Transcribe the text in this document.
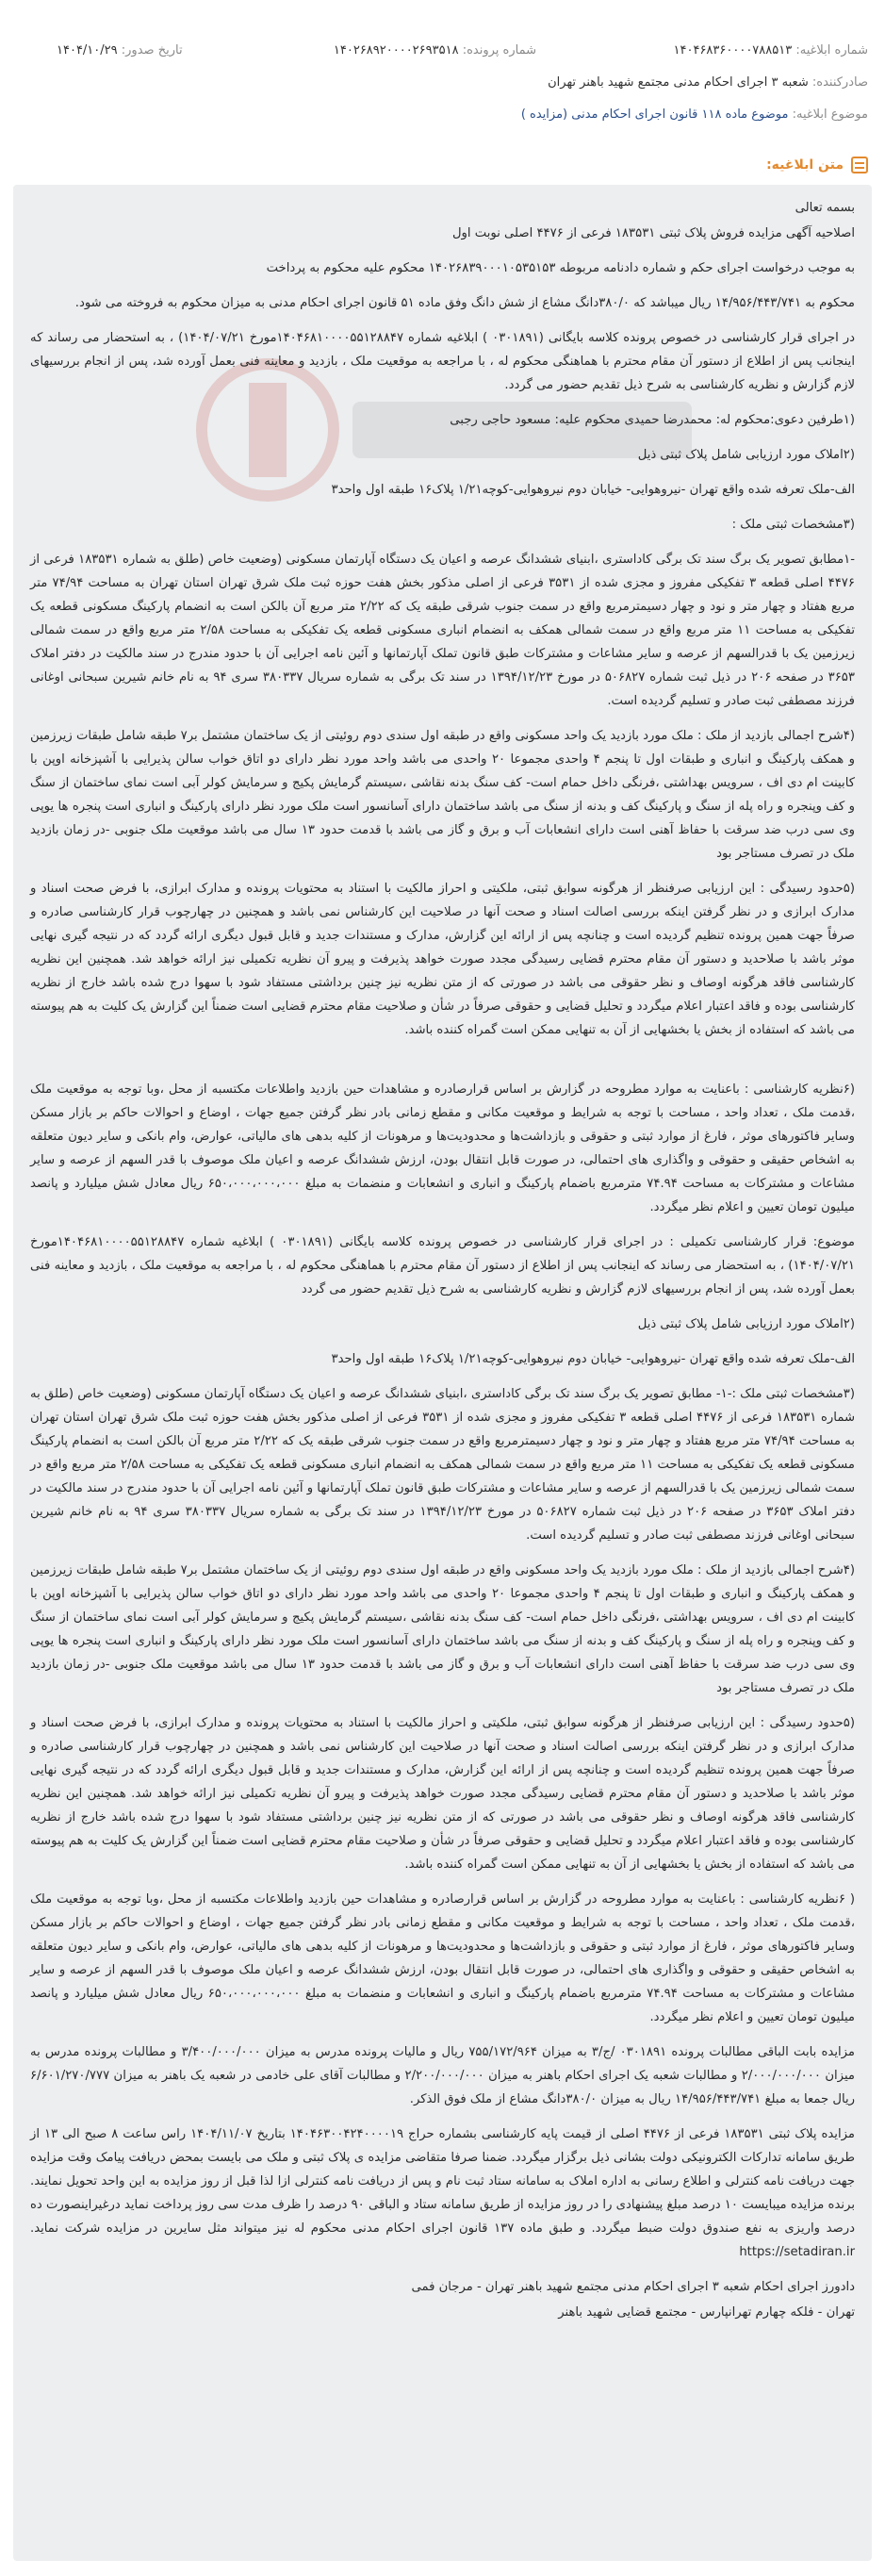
شماره ابلاغیه: ۱۴۰۴۶۸۳۶۰۰۰۰۷۸۸۵۱۳
شماره پرونده: ۱۴۰۲۶۸۹۲۰۰۰۰۲۶۹۳۵۱۸
تاریخ صدور: ۱۴۰۴/۱۰/۲۹
صادرکننده: شعبه ۳ اجرای احکام مدنی مجتمع شهید باهنر تهران
موضوع ابلاغیه: موضوع ماده ۱۱۸ قانون اجرای احکام مدنی (مزایده )
متن ابلاغیه:

بسمه تعالی

اصلاحیه آگهی مزایده فروش پلاک ثبتی ۱۸۳۵۳۱ فرعی از ۴۴۷۶ اصلی نوبت اول

به موجب درخواست اجرای حکم و شماره دادنامه مربوطه ۱۴۰۲۶۸۳۹۰۰۰۱۰۵۳۵۱۵۳ محکوم علیه محکوم به پرداخت

محکوم به ۱۴/۹۵۶/۴۴۳/۷۴۱ ریال میباشد که ۳۸۰/۰دانگ مشاع از شش دانگ وفق ماده ۵۱ قانون اجرای احکام مدنی به میزان محکوم به فروخته می شود.

در اجرای قرار کارشناسی در خصوص پرونده کلاسه بایگانی (۰۳۰۱۸۹۱ ) ابلاغیه شماره ۱۴۰۴۶۸۱۰۰۰۰۵۵۱۲۸۸۴۷مورخ ۱۴۰۴/۰۷/۲۱) ، به استحضار می رساند که اینجانب پس از اطلاع از دستور آن مقام محترم با هماهنگی محکوم له ، با مراجعه به موقعیت ملک ، بازدید و معاینه فنی بعمل آورده شد، پس از انجام بررسیهای لازم گزارش و نظریه کارشناسی به شرح ذیل تقدیم حضور می گردد.

(۱طرفین دعوی:محکوم له: محمدرضا حمیدی محکوم علیه: مسعود حاجی رجبی

(۲املاک مورد ارزیابی شامل پلاک ثبتی ذیل

الف-ملک تعرفه شده واقع تهران -نیروهوایی- خیابان دوم نیروهوایی-کوچه۱/۲۱ پلاک۱۶ طبقه اول واحد۳

(۳مشخصات ثبتی ملک :

-۱مطابق تصویر یک برگ سند تک برگی کاداستری ،ابنیای ششدانگ عرصه و اعیان یک دستگاه آپارتمان مسکونی (وضعیت خاص (طلق به شماره ۱۸۳۵۳۱ فرعی از ۴۴۷۶ اصلی قطعه ۳ تفکیکی مفروز و مجزی شده از ۳۵۳۱ فرعی از اصلی مذکور بخش هفت حوزه ثبت ملک شرق تهران استان تهران به مساحت ۷۴/۹۴ متر مربع هفتاد و چهار متر و نود و چهار دسیمترمربع واقع در سمت جنوب شرقی طبقه یک که ۲/۲۲ متر مربع آن بالکن است به انضمام پارکینگ مسکونی قطعه یک تفکیکی به مساحت ۱۱ متر مربع واقع در سمت شمالی همکف به انضمام انباری مسکونی قطعه یک تفکیکی به مساحت ۲/۵۸ متر مربع واقع در سمت شمالی زیرزمین یک با قدرالسهم از عرصه و سایر مشاعات و مشترکات طبق قانون تملک آپارتمانها و آئین نامه اجرایی آن با حدود مندرج در سند مالکیت در دفتر املاک ۳۶۵۳ در صفحه ۲۰۶ در ذیل ثبت شماره ۵۰۶۸۲۷ در مورخ ۱۳۹۴/۱۲/۲۳ در سند تک برگی به شماره سریال ۳۸۰۳۳۷ سری ۹۴ به نام خانم شیرین سبحانی اوغانی فرزند مصطفی ثبت صادر و تسلیم گردیده است.

(۴شرح اجمالی بازدید از ملک : ملک مورد بازدید یک واحد مسکونی واقع در طبقه اول سندی دوم روئیتی از یک ساختمان مشتمل بر۷ طبقه شامل طبقات زیرزمین و همکف پارکینگ و انباری و طبقات اول تا پنجم ۴ واحدی مجموعا ۲۰ واحدی می باشد واحد مورد نظر دارای دو اتاق خواب سالن پذیرایی با آشپزخانه اوپن با کابینت ام دی اف ، سرویس بهداشتی ،فرنگی داخل حمام است- کف سنگ بدنه نقاشی ،سیستم گرمایش پکیج و سرمایش کولر آبی است نمای ساختمان از سنگ و کف وپنجره و راه پله از سنگ و پارکینگ کف و بدنه از سنگ می باشد ساختمان دارای آسانسور است ملک مورد نظر دارای پارکینگ و انباری است پنجره ها یوپی وی سی درب ضد سرقت با حفاظ آهنی است دارای انشعابات آب و برق و گاز می باشد با قدمت حدود ۱۳ سال می باشد موقعیت ملک جنوبی -در زمان بازدید ملک در تصرف مستاجر بود

(۵حدود رسیدگی : این ارزیابی صرفنظر از هرگونه سوابق ثبتی، ملکیتی و احراز مالکیت با استناد به محتویات پرونده و مدارک ابرازی، با فرض صحت اسناد و مدارک ابرازی و در نظر گرفتن اینکه بررسی اصالت اسناد و صحت آنها در صلاحیت این کارشناس نمی باشد و همچنین در چهارچوب قرار کارشناسی صادره و صرفاً جهت همین پرونده تنظیم گردیده است و چنانچه پس از ارائه این گزارش، مدارک و مستندات جدید و قابل قبول دیگری ارائه گردد که در نتیجه گیری نهایی موثر باشد با صلاحدید و دستور آن مقام محترم قضایی رسیدگی مجدد صورت خواهد پذیرفت و پیرو آن نظریه تکمیلی نیز ارائه خواهد شد. همچنین این نظریه کارشناسی فاقد هرگونه اوصاف و نظر حقوقی می باشد در صورتی که از متن نظریه نیز چنین برداشتی مستفاد شود با سهوا درج شده باشد خارج از نظریه کارشناسی بوده و فاقد اعتبار اعلام میگردد و تحلیل قضایی و حقوقی صرفاً در شأن و صلاحیت مقام محترم قضایی است ضمناً این گزارش یک کلیت به هم پیوسته می باشد که استفاده از بخش یا بخشهایی از آن به تنهایی ممکن است گمراه کننده باشد.

(۶نظریه کارشناسی : باعنایت به موارد مطروحه در گزارش بر اساس قرارصادره و مشاهدات حین بازدید واطلاعات مکتسبه از محل ،وبا توجه به موقعیت ملک ،قدمت ملک ، تعداد واحد ، مساحت با توجه به شرایط و موقعیت مکانی و مقطع زمانی بادر نظر گرفتن جمیع جهات ، اوضاع و احوالات حاکم بر بازار مسکن وسایر فاکتورهای موثر ، فارغ از موارد ثبتی و حقوقی و بازداشت‌ها و محدودیت‌ها و مرهونات از کلیه بدهی های مالیاتی، عوارض، وام بانکی و سایر دیون متعلقه به اشخاص حقیقی و حقوقی و واگذاری های احتمالی، در صورت قابل انتقال بودن، ارزش ششدانگ عرصه و اعیان ملک موصوف با قدر السهم از عرصه و سایر مشاعات و مشترکات به مساحت ۷۴.۹۴ مترمربع باضمام پارکینگ و انباری و انشعابات و منضمات به مبلغ ۶۵۰،۰۰۰،۰۰۰،۰۰۰ ریال معادل شش میلیارد و پانصد میلیون تومان تعیین و اعلام نظر میگردد.

موضوع: قرار کارشناسی تکمیلی : در اجرای قرار کارشناسی در خصوص پرونده کلاسه بایگانی (۰۳۰۱۸۹۱ ) ابلاغیه شماره ۱۴۰۴۶۸۱۰۰۰۰۵۵۱۲۸۸۴۷مورخ ۱۴۰۴/۰۷/۲۱) ، به استحضار می رساند که اینجانب پس از اطلاع از دستور آن مقام محترم با هماهنگی محکوم له ، با مراجعه به موقعیت ملک ، بازدید و معاینه فنی بعمل آورده شد، پس از انجام بررسیهای لازم گزارش و نظریه کارشناسی به شرح ذیل تقدیم حضور می گردد

(۲املاک مورد ارزیابی شامل پلاک ثبتی ذیل

الف-ملک تعرفه شده واقع تهران -نیروهوایی- خیابان دوم نیروهوایی-کوچه۱/۲۱ پلاک۱۶ طبقه اول واحد۳

(۳مشخصات ثبتی ملک :-۱- مطابق تصویر یک برگ سند تک برگی کاداستری ،ابنیای ششدانگ عرصه و اعیان یک دستگاه آپارتمان مسکونی (وضعیت خاص (طلق به شماره ۱۸۳۵۳۱ فرعی از ۴۴۷۶ اصلی قطعه ۳ تفکیکی مفروز و مجزی شده از ۳۵۳۱ فرعی از اصلی مذکور بخش هفت حوزه ثبت ملک شرق تهران استان تهران به مساحت ۷۴/۹۴ متر مربع هفتاد و چهار متر و نود و چهار دسیمترمربع واقع در سمت جنوب شرقی طبقه یک که ۲/۲۲ متر مربع آن بالکن است به انضمام پارکینگ مسکونی قطعه یک تفکیکی به مساحت ۱۱ متر مربع واقع در سمت شمالی همکف به انضمام انباری مسکونی قطعه یک تفکیکی به مساحت ۲/۵۸ متر مربع واقع در سمت شمالی زیرزمین یک با قدرالسهم از عرصه و سایر مشاعات و مشترکات طبق قانون تملک آپارتمانها و آئین نامه اجرایی آن با حدود مندرج در سند مالکیت در دفتر املاک ۳۶۵۳ در صفحه ۲۰۶ در ذیل ثبت شماره ۵۰۶۸۲۷ در مورخ ۱۳۹۴/۱۲/۲۳ در سند تک برگی به شماره سریال ۳۸۰۳۳۷ سری ۹۴ به نام خانم شیرین سبحانی اوغانی فرزند مصطفی ثبت صادر و تسلیم گردیده است.

(۴شرح اجمالی بازدید از ملک : ملک مورد بازدید یک واحد مسکونی واقع در طبقه اول سندی دوم روئیتی از یک ساختمان مشتمل بر۷ طبقه شامل طبقات زیرزمین و همکف پارکینگ و انباری و طبقات اول تا پنجم ۴ واحدی مجموعا ۲۰ واحدی می باشد واحد مورد نظر دارای دو اتاق خواب سالن پذیرایی با آشپزخانه اوپن با کابینت ام دی اف ، سرویس بهداشتی ،فرنگی داخل حمام است- کف سنگ بدنه نقاشی ،سیستم گرمایش پکیج و سرمایش کولر آبی است نمای ساختمان از سنگ و کف وپنجره و راه پله از سنگ و پارکینگ کف و بدنه از سنگ می باشد ساختمان دارای آسانسور است ملک مورد نظر دارای پارکینگ و انباری است پنجره ها یوپی وی سی درب ضد سرقت با حفاظ آهنی است دارای انشعابات آب و برق و گاز می باشد با قدمت حدود ۱۳ سال می باشد موقعیت ملک جنوبی -در زمان بازدید ملک در تصرف مستاجر بود

(۵حدود رسیدگی : این ارزیابی صرفنظر از هرگونه سوابق ثبتی، ملکیتی و احراز مالکیت با استناد به محتویات پرونده و مدارک ابرازی، با فرض صحت اسناد و مدارک ابرازی و در نظر گرفتن اینکه بررسی اصالت اسناد و صحت آنها در صلاحیت این کارشناس نمی باشد و همچنین در چهارچوب قرار کارشناسی صادره و صرفاً جهت همین پرونده تنظیم گردیده است و چنانچه پس از ارائه این گزارش، مدارک و مستندات جدید و قابل قبول دیگری ارائه گردد که در نتیجه گیری نهایی موثر باشد با صلاحدید و دستور آن مقام محترم قضایی رسیدگی مجدد صورت خواهد پذیرفت و پیرو آن نظریه تکمیلی نیز ارائه خواهد شد. همچنین این نظریه کارشناسی فاقد هرگونه اوصاف و نظر حقوقی می باشد در صورتی که از متن نظریه نیز چنین برداشتی مستفاد شود با سهوا درج شده باشد خارج از نظریه کارشناسی بوده و فاقد اعتبار اعلام میگردد و تحلیل قضایی و حقوقی صرفاً در شأن و صلاحیت مقام محترم قضایی است ضمناً این گزارش یک کلیت به هم پیوسته می باشد که استفاده از بخش یا بخشهایی از آن به تنهایی ممکن است گمراه کننده باشد.

( ۶نظریه کارشناسی : باعنایت به موارد مطروحه در گزارش بر اساس قرارصادره و مشاهدات حین بازدید واطلاعات مکتسبه از محل ،وبا توجه به موقعیت ملک ،قدمت ملک ، تعداد واحد ، مساحت با توجه به شرایط و موقعیت مکانی و مقطع زمانی بادر نظر گرفتن جمیع جهات ، اوضاع و احوالات حاکم بر بازار مسکن وسایر فاکتورهای موثر ، فارغ از موارد ثبتی و حقوقی و بازداشت‌ها و محدودیت‌ها و مرهونات از کلیه بدهی های مالیاتی، عوارض، وام بانکی و سایر دیون متعلقه به اشخاص حقیقی و حقوقی و واگذاری های احتمالی، در صورت قابل انتقال بودن، ارزش ششدانگ عرصه و اعیان ملک موصوف با قدر السهم از عرصه و سایر مشاعات و مشترکات به مساحت ۷۴.۹۴ مترمربع باضمام پارکینگ و انباری و انشعابات و منضمات به مبلغ ۶۵۰،۰۰۰،۰۰۰،۰۰۰ ریال معادل شش میلیارد و پانصد میلیون تومان تعیین و اعلام نظر میگردد.

مزایده بابت الباقی مطالبات پرونده ۰۳۰۱۸۹۱ /ج/۳ به میزان ۷۵۵/۱۷۲/۹۶۴ ریال و مالیات پرونده مدرس به میزان ۳/۴۰۰/۰۰۰/۰۰۰ و مطالبات پرونده مدرس به میزان ۲/۰۰۰/۰۰۰/۰۰۰ و مطالبات شعبه یک اجرای احکام باهنر به میزان ۲/۲۰۰/۰۰۰/۰۰۰ و مطالبات آقای علی خادمی در شعبه یک باهنر به میزان ۶/۶۰۱/۲۷۰/۷۷۷ ریال جمعا به مبلغ ۱۴/۹۵۶/۴۴۳/۷۴۱ ریال به میزان ۳۸۰/۰دانگ مشاع از ملک فوق الذکر.

مزایده پلاک ثبتی ۱۸۳۵۳۱ فرعی از ۴۴۷۶ اصلی از قیمت پایه کارشناسی بشماره حراج ۱۴۰۴۶۳۰۰۴۲۴۰۰۰۰۱۹ بتاریخ ۱۴۰۴/۱۱/۰۷ راس ساعت ۸ صبح الی ۱۳ از طریق سامانه تدارکات الکترونیکی دولت بشانی ذیل برگزار میگردد. ضمنا صرفا متقاضی مزایده ی پلاک ثبتی و ملک می بایست بمحض دریافت پیامک وقت مزایده جهت دریافت نامه کنترلی و اطلاع رسانی به اداره املاک به سامانه ستاد ثبت نام و پس از دریافت نامه کنترلی ازا لذا قبل از روز مزایده به این واحد تحویل نمایند. برنده مزایده میبایست ۱۰ درصد مبلغ پیشنهادی را در روز مزایده از طریق سامانه ستاد و الباقی ۹۰ درصد را ظرف مدت سی روز پرداخت نماید درغیراینصورت ده درصد واریزی به نفع صندوق دولت ضبط میگردد. و طبق ماده ۱۳۷ قانون اجرای احکام مدنی محکوم له نیز میتواند مثل سایرین در مزایده شرکت نماید. https://setadiran.ir

دادورز اجرای احکام شعبه ۳ اجرای احکام مدنی مجتمع شهید باهنر تهران - مرجان فمی

تهران - فلکه چهارم تهرانپارس - مجتمع قضایی شهید باهنر
